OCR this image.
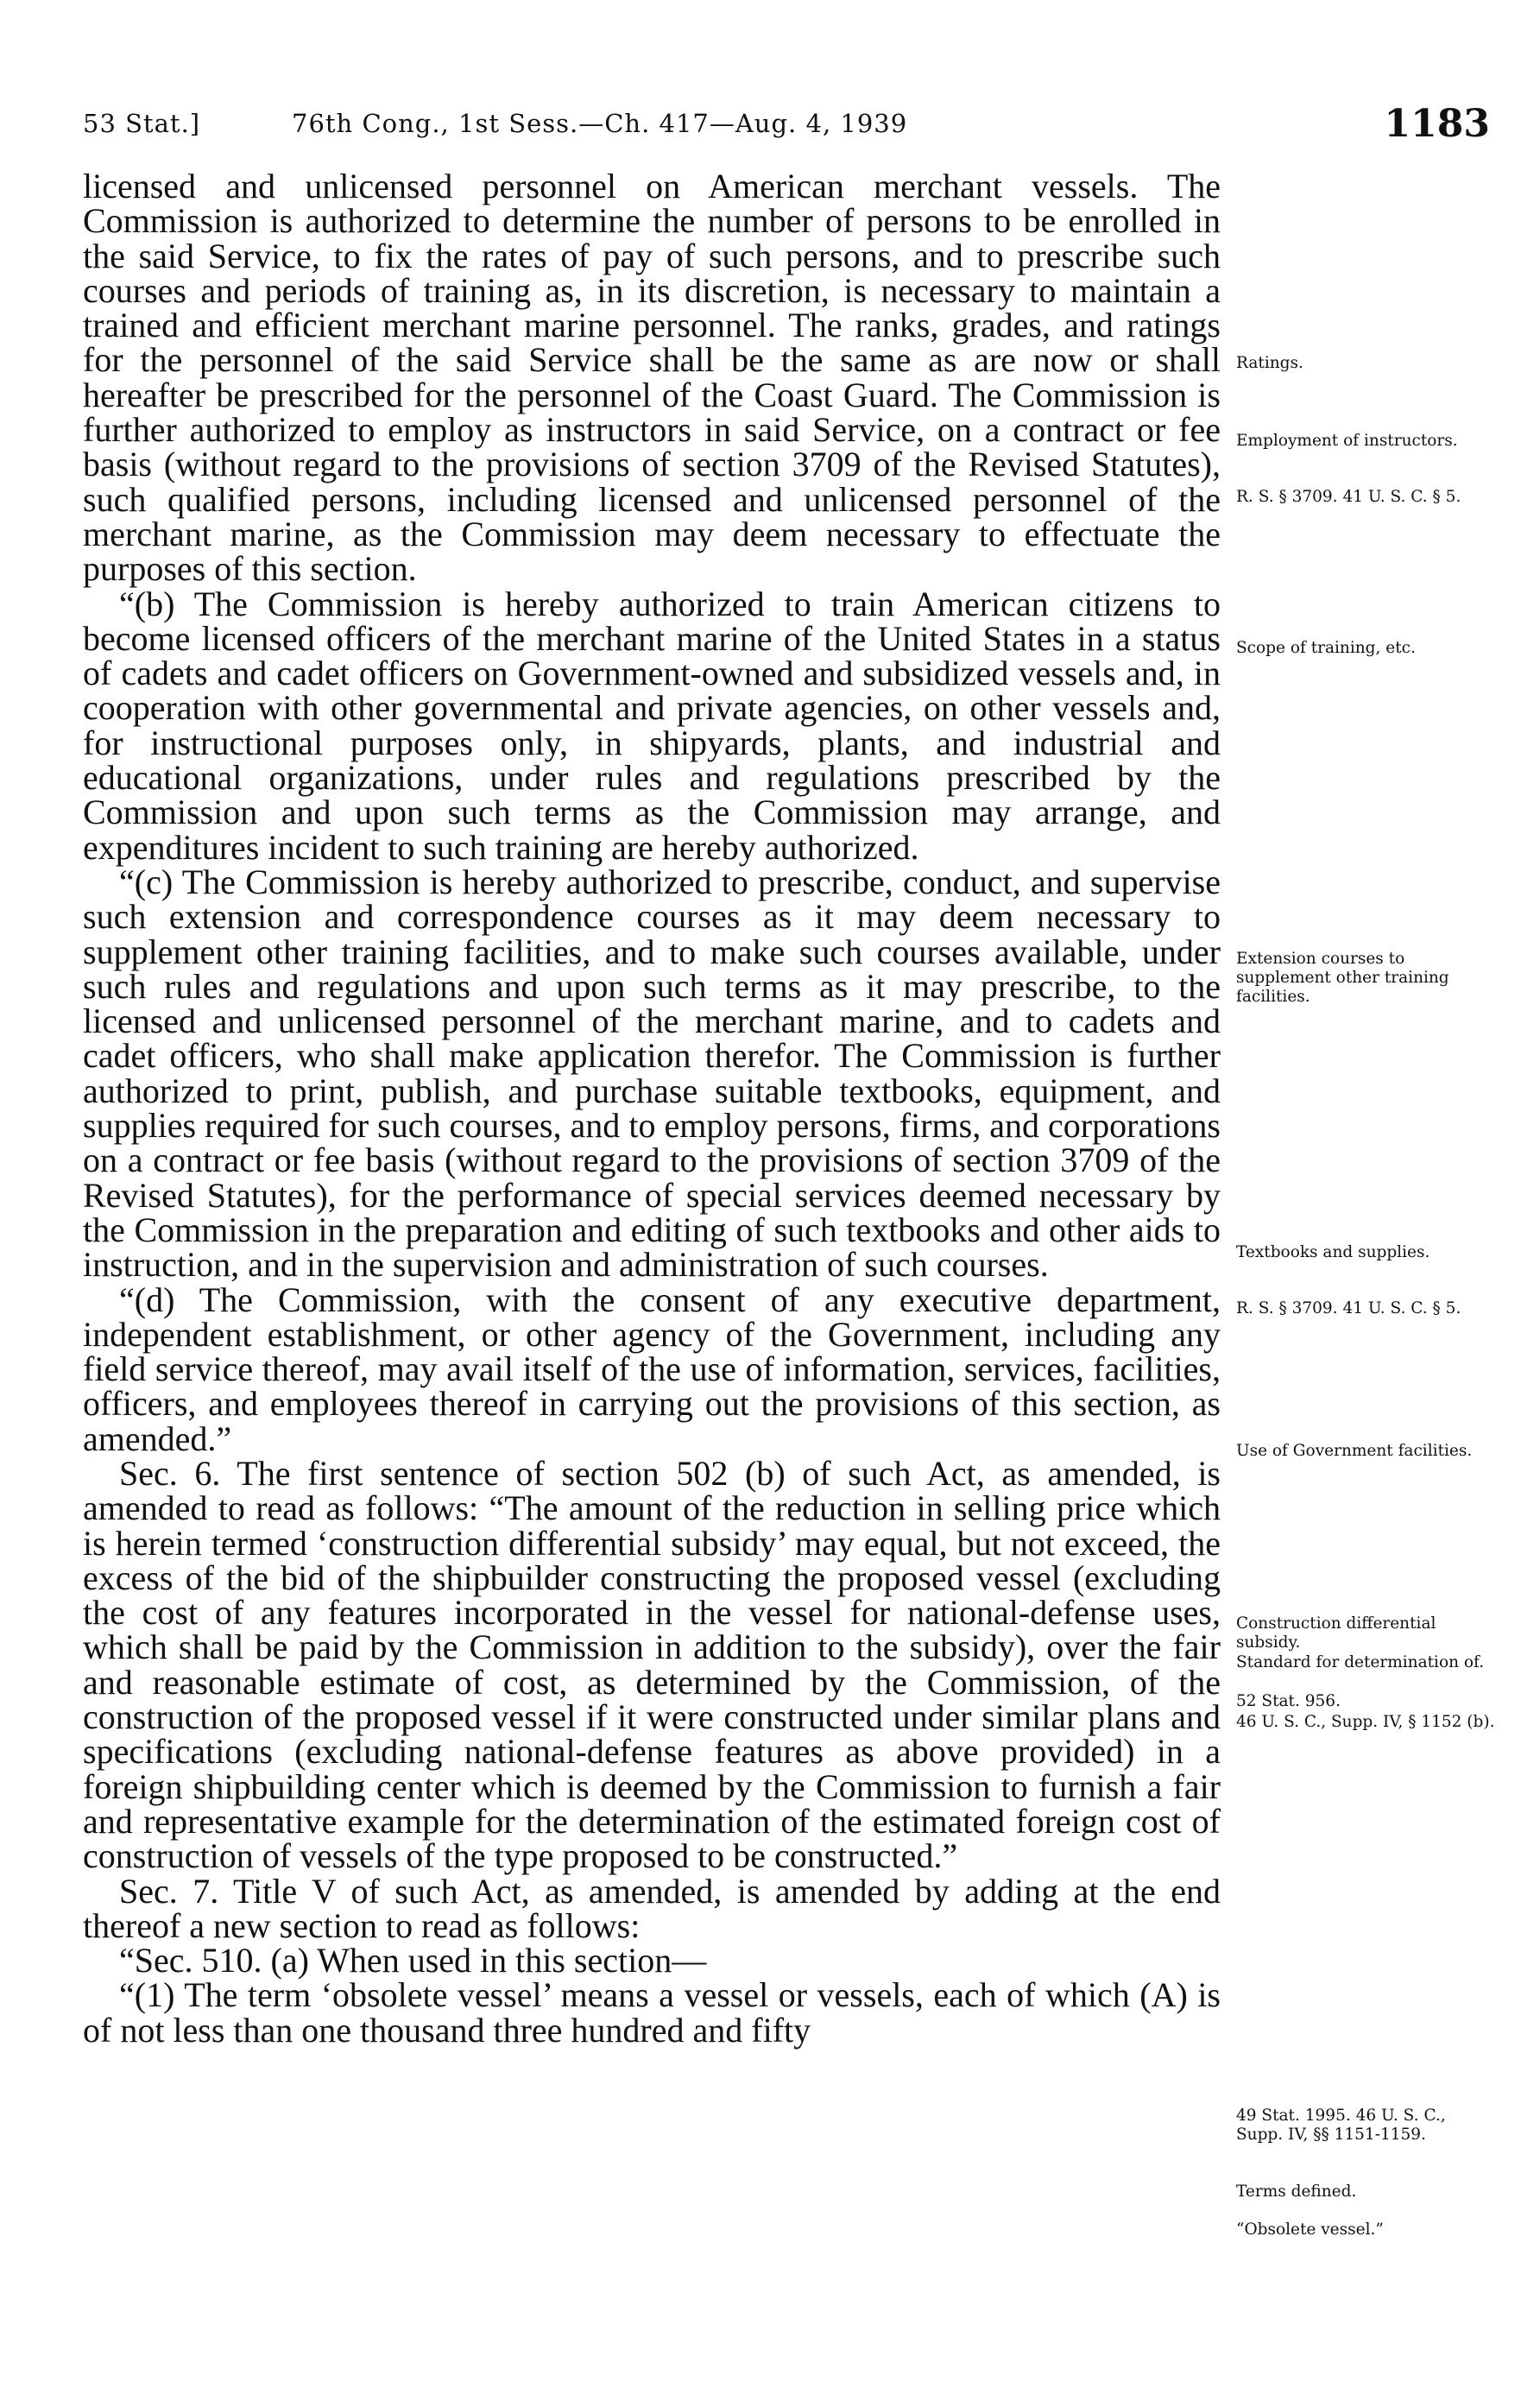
53 Stat.]	76th Cong., 1st Sess.—Ch. 417—Aug. 4, 1939	1183

licensed and unlicensed personnel on American merchant vessels. The Commission is authorized to determine the number of persons to be enrolled in the said Service, to fix the rates of pay of such persons, and to prescribe such courses and periods of training as, in its discretion, is necessary to maintain a trained and efficient merchant marine personnel. The ranks, grades, and ratings for the personnel of the said Service shall be the same as are now or shall hereafter be prescribed for the personnel of the Coast Guard. The Commission is further authorized to employ as instructors in said Service, on a contract or fee basis (without regard to the provisions of section 3709 of the Revised Statutes), such qualified persons, including licensed and unlicensed personnel of the merchant marine, as the Commission may deem necessary to effectuate the purposes of this section.

“(b) The Commission is hereby authorized to train American citizens to become licensed officers of the merchant marine of the United States in a status of cadets and cadet officers on Government-owned and subsidized vessels and, in cooperation with other governmental and private agencies, on other vessels and, for instructional purposes only, in shipyards, plants, and industrial and educational organizations, under rules and regulations prescribed by the Commission and upon such terms as the Commission may arrange, and expenditures incident to such training are hereby authorized.

“(c) The Commission is hereby authorized to prescribe, conduct, and supervise such extension and correspondence courses as it may deem necessary to supplement other training facilities, and to make such courses available, under such rules and regulations and upon such terms as it may prescribe, to the licensed and unlicensed personnel of the merchant marine, and to cadets and cadet officers, who shall make application therefor. The Commission is further authorized to print, publish, and purchase suitable textbooks, equipment, and supplies required for such courses, and to employ persons, firms, and corporations on a contract or fee basis (without regard to the provisions of section 3709 of the Revised Statutes), for the performance of special services deemed necessary by the Commission in the preparation and editing of such textbooks and other aids to instruction, and in the supervision and administration of such courses.

“(d) The Commission, with the consent of any executive department, independent establishment, or other agency of the Government, including any field service thereof, may avail itself of the use of information, services, facilities, officers, and employees thereof in carrying out the provisions of this section, as amended.”

Sec. 6. The first sentence of section 502 (b) of such Act, as amended, is amended to read as follows: “The amount of the reduction in selling price which is herein termed ‘construction differential subsidy’ may equal, but not exceed, the excess of the bid of the shipbuilder constructing the proposed vessel (excluding the cost of any features incorporated in the vessel for national-defense uses, which shall be paid by the Commission in addition to the subsidy), over the fair and reasonable estimate of cost, as determined by the Commission, of the construction of the proposed vessel if it were constructed under similar plans and specifications (excluding national-defense features as above provided) in a foreign shipbuilding center which is deemed by the Commission to furnish a fair and representative example for the determination of the estimated foreign cost of construction of vessels of the type proposed to be constructed.”

Sec. 7. Title V of such Act, as amended, is amended by adding at the end thereof a new section to read as follows:

“Sec. 510. (a) When used in this section—

“(1) The term ‘obsolete vessel’ means a vessel or vessels, each of which (A) is of not less than one thousand three hundred and fifty

Ratings.
Employment of instructors.
R. S. § 3709. 41 U. S. C. § 5.
Scope of training, etc.
Extension courses to supplement other training facilities.
Textbooks and supplies.
R. S. § 3709. 41 U. S. C. § 5.
Use of Government facilities.
Construction differential subsidy.
Standard for determination of.
52 Stat. 956.
46 U. S. C., Supp. IV, § 1152 (b).
49 Stat. 1995. 46 U. S. C., Supp. IV, §§ 1151-1159.
Terms defined.
“Obsolete vessel.”
